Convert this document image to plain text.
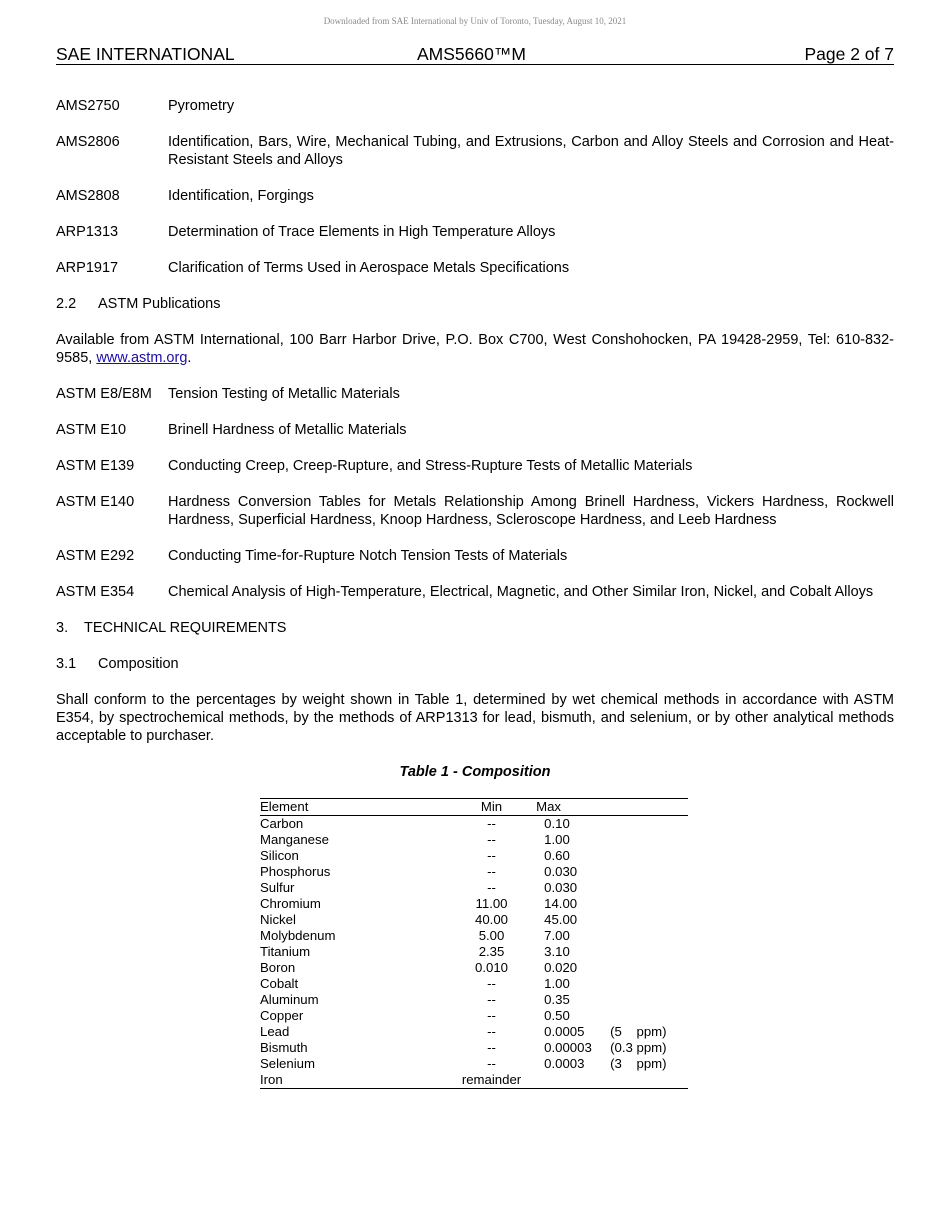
Downloaded from SAE International by Univ of Toronto, Tuesday, August 10, 2021
SAE INTERNATIONAL	AMS5660™M	Page 2 of 7
AMS2750	Pyrometry
AMS2806	Identification, Bars, Wire, Mechanical Tubing, and Extrusions, Carbon and Alloy Steels and Corrosion and Heat-Resistant Steels and Alloys
AMS2808	Identification, Forgings
ARP1313	Determination of Trace Elements in High Temperature Alloys
ARP1917	Clarification of Terms Used in Aerospace Metals Specifications
2.2 ASTM Publications
Available from ASTM International, 100 Barr Harbor Drive, P.O. Box C700, West Conshohocken, PA 19428-2959, Tel: 610-832-9585, www.astm.org.
ASTM E8/E8M	Tension Testing of Metallic Materials
ASTM E10	Brinell Hardness of Metallic Materials
ASTM E139	Conducting Creep, Creep-Rupture, and Stress-Rupture Tests of Metallic Materials
ASTM E140	Hardness Conversion Tables for Metals Relationship Among Brinell Hardness, Vickers Hardness, Rockwell Hardness, Superficial Hardness, Knoop Hardness, Scleroscope Hardness, and Leeb Hardness
ASTM E292	Conducting Time-for-Rupture Notch Tension Tests of Materials
ASTM E354	Chemical Analysis of High-Temperature, Electrical, Magnetic, and Other Similar Iron, Nickel, and Cobalt Alloys
3. TECHNICAL REQUIREMENTS
3.1 Composition
Shall conform to the percentages by weight shown in Table 1, determined by wet chemical methods in accordance with ASTM E354, by spectrochemical methods, by the methods of ARP1313 for lead, bismuth, and selenium, or by other analytical methods acceptable to purchaser.
Table 1 - Composition
Element	Min	Max
Carbon	--	0.10
Manganese	--	1.00
Silicon	--	0.60
Phosphorus	--	0.030
Sulfur	--	0.030
Chromium	11.00	14.00
Nickel	40.00	45.00
Molybdenum	5.00	7.00
Titanium	2.35	3.10
Boron	0.010	0.020
Cobalt	--	1.00
Aluminum	--	0.35
Copper	--	0.50
Lead	--	0.0005 (5    ppm)
Bismuth	--	0.00003 (0.3 ppm)
Selenium	--	0.0003 (3    ppm)
Iron	remainder	
